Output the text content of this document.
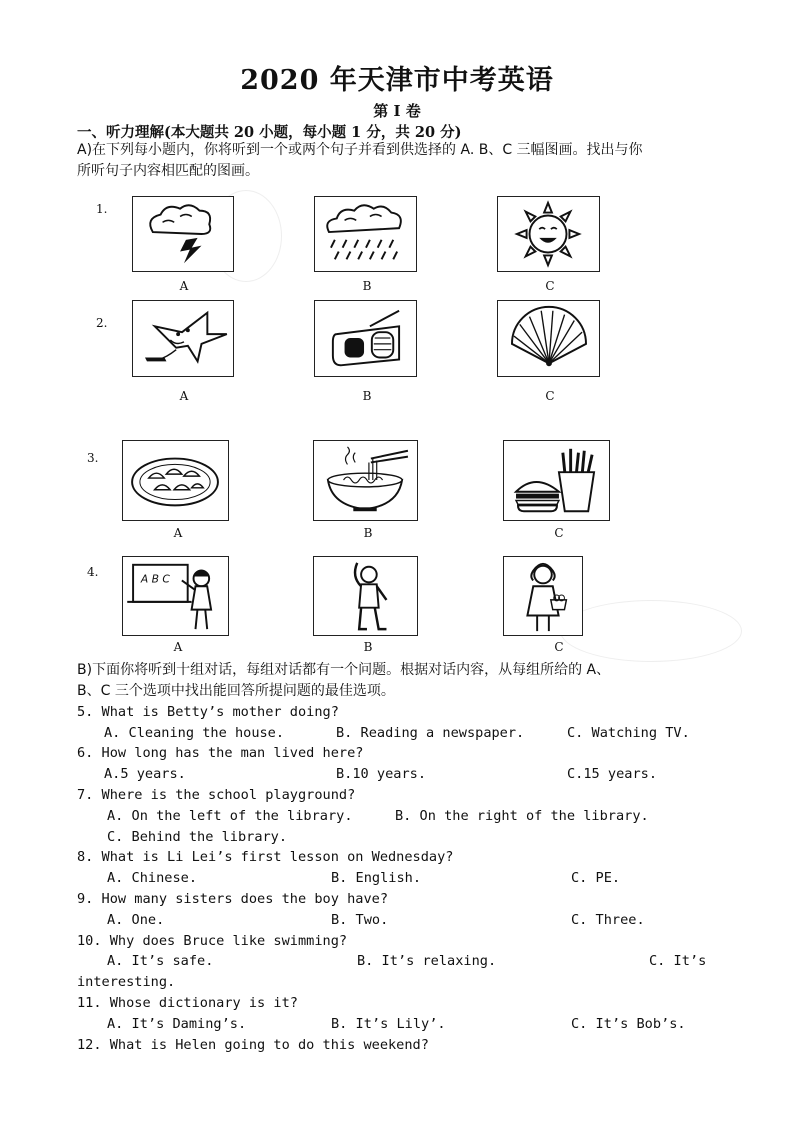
2020 年天津市中考英语
第 I 卷
一、听力理解(本大题共 20 小题，每小题 1 分，共 20 分)
A)在下列每小题内，你将听到一个或两个句子并看到供选择的 A. B、C 三幅图画。找出与你
所听句子内容相匹配的图画。
1.
A	B	C
2.
A	B	C
3.
A	B	C
4.	A B C
A	B	C
B)下面你将听到十组对话，每组对话都有一个问题。根据对话内容，从每组所给的 A、
B、C 三个选项中找出能回答所提问题的最佳选项。
5. What is Betty’s mother doing?
A. Cleaning the house.	B. Reading a newspaper.	C. Watching TV.
6. How long has the man lived here?
A.5 years.	B.10 years.	C.15 years.
7. Where is the school playground?
A. On the left of the library.	B. On the right of the library.
C. Behind the library.
8. What is Li Lei’s first lesson on Wednesday?
A. Chinese.	B. English.	C. PE.
9. How many sisters does the boy have?
A. One.	B. Two.	C. Three.
10. Why does Bruce like swimming?
A. It’s safe.	B. It’s relaxing.	C. It’s
interesting.
11. Whose dictionary is it?
A. It’s Daming’s.	B. It’s Lily’.	C. It’s Bob’s.
12. What is Helen going to do this weekend?
